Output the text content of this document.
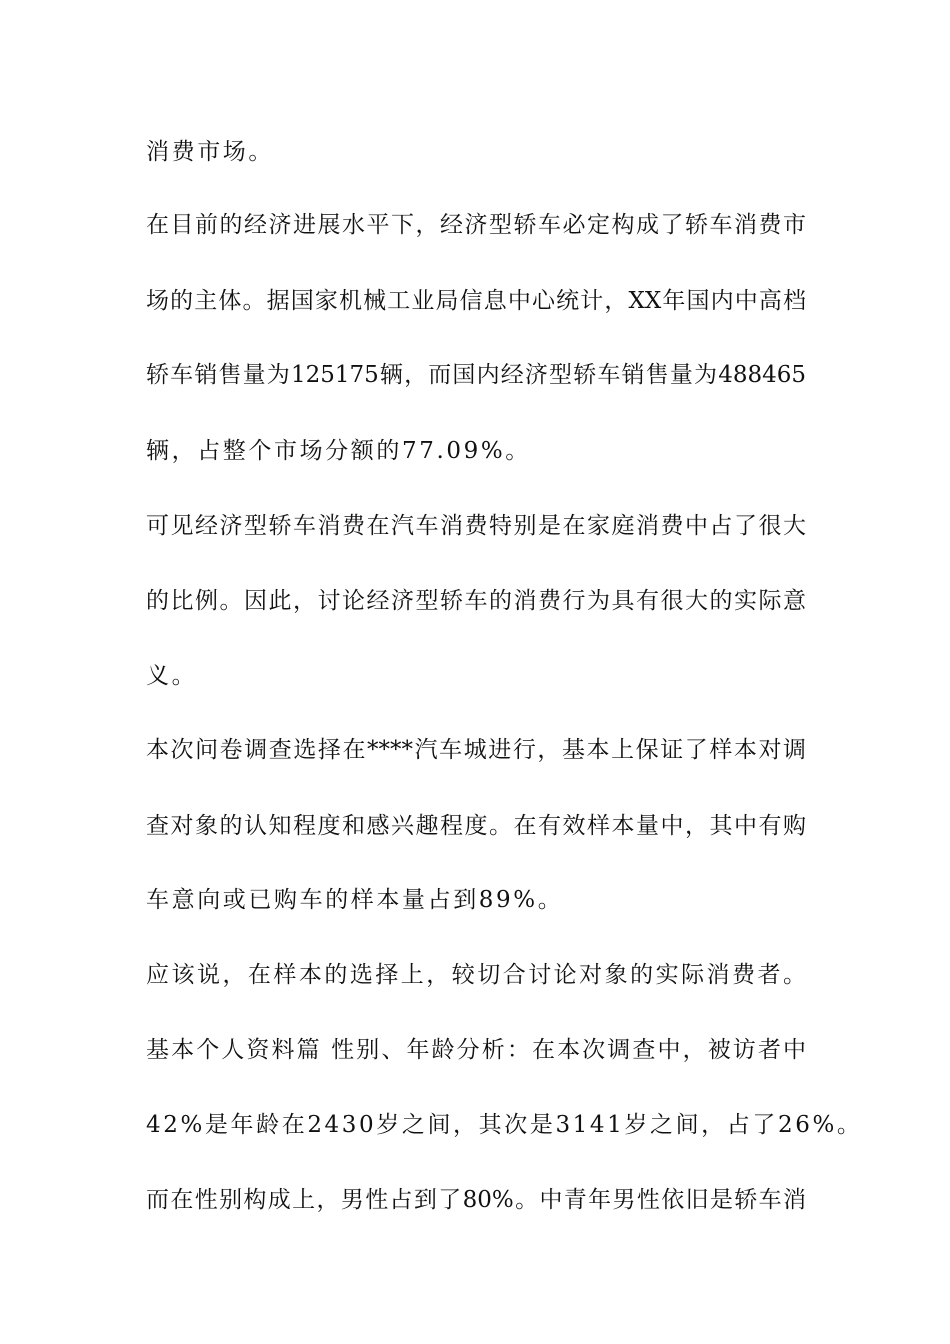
消费市场。
在目前的经济进展水平下，经济型轿车必定构成了轿车消费市
场的主体。据国家机械工业局信息中心统计，XX年国内中高档
轿车销售量为125175辆，而国内经济型轿车销售量为488465
辆，占整个市场分额的77.09%。
可见经济型轿车消费在汽车消费特别是在家庭消费中占了很大
的比例。因此，讨论经济型轿车的消费行为具有很大的实际意
义。
本次问卷调查选择在****汽车城进行，基本上保证了样本对调
查对象的认知程度和感兴趣程度。在有效样本量中，其中有购
车意向或已购车的样本量占到89%。
应该说，在样本的选择上，较切合讨论对象的实际消费者。
基本个人资料篇 性别、年龄分析：在本次调查中，被访者中
42%是年龄在2430岁之间，其次是3141岁之间，占了26%。
而在性别构成上，男性占到了80%。中青年男性依旧是轿车消
